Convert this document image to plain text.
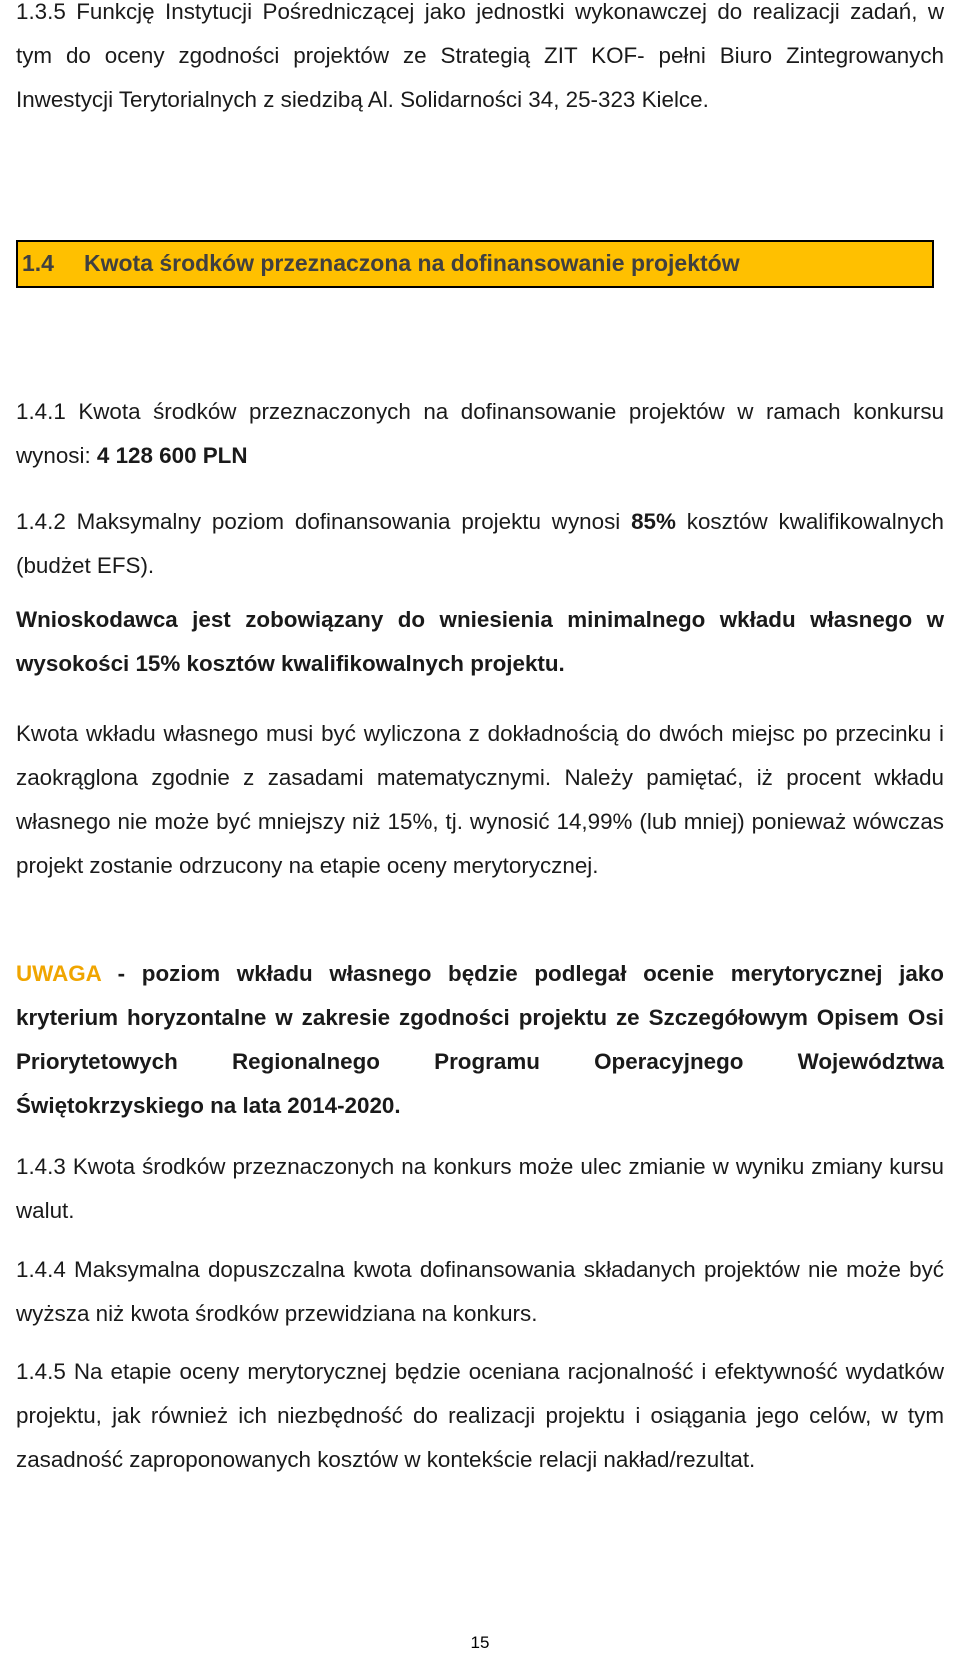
1.3.5 Funkcję Instytucji Pośredniczącej jako jednostki wykonawczej do realizacji zadań, w tym do oceny zgodności projektów ze Strategią ZIT KOF- pełni Biuro Zintegrowanych Inwestycji Terytorialnych z siedzibą Al. Solidarności 34, 25-323 Kielce.

1.4 Kwota środków przeznaczona na dofinansowanie projektów

1.4.1 Kwota środków przeznaczonych na dofinansowanie projektów w ramach konkursu wynosi: 4 128 600 PLN

1.4.2 Maksymalny poziom dofinansowania projektu wynosi 85% kosztów kwalifikowalnych (budżet EFS).

Wnioskodawca jest zobowiązany do wniesienia minimalnego wkładu własnego w wysokości 15% kosztów kwalifikowalnych projektu.

Kwota wkładu własnego musi być wyliczona z dokładnością do dwóch miejsc po przecinku i zaokrąglona zgodnie z zasadami matematycznymi. Należy pamiętać, iż procent wkładu własnego nie może być mniejszy niż 15%, tj. wynosić 14,99% (lub mniej) ponieważ wówczas projekt zostanie odrzucony na etapie oceny merytorycznej.

UWAGA - poziom wkładu własnego będzie podlegał ocenie merytorycznej jako kryterium horyzontalne w zakresie zgodności projektu ze Szczegółowym Opisem Osi Priorytetowych Regionalnego Programu Operacyjnego Województwa Świętokrzyskiego na lata 2014-2020.

1.4.3 Kwota środków przeznaczonych na konkurs może ulec zmianie w wyniku zmiany kursu walut.

1.4.4 Maksymalna dopuszczalna kwota dofinansowania składanych projektów nie może być wyższa niż kwota środków przewidziana na konkurs.

1.4.5 Na etapie oceny merytorycznej będzie oceniana racjonalność i efektywność wydatków projektu, jak również ich niezbędność do realizacji projektu i osiągania jego celów, w tym zasadność zaproponowanych kosztów w kontekście relacji nakład/rezultat.

15
